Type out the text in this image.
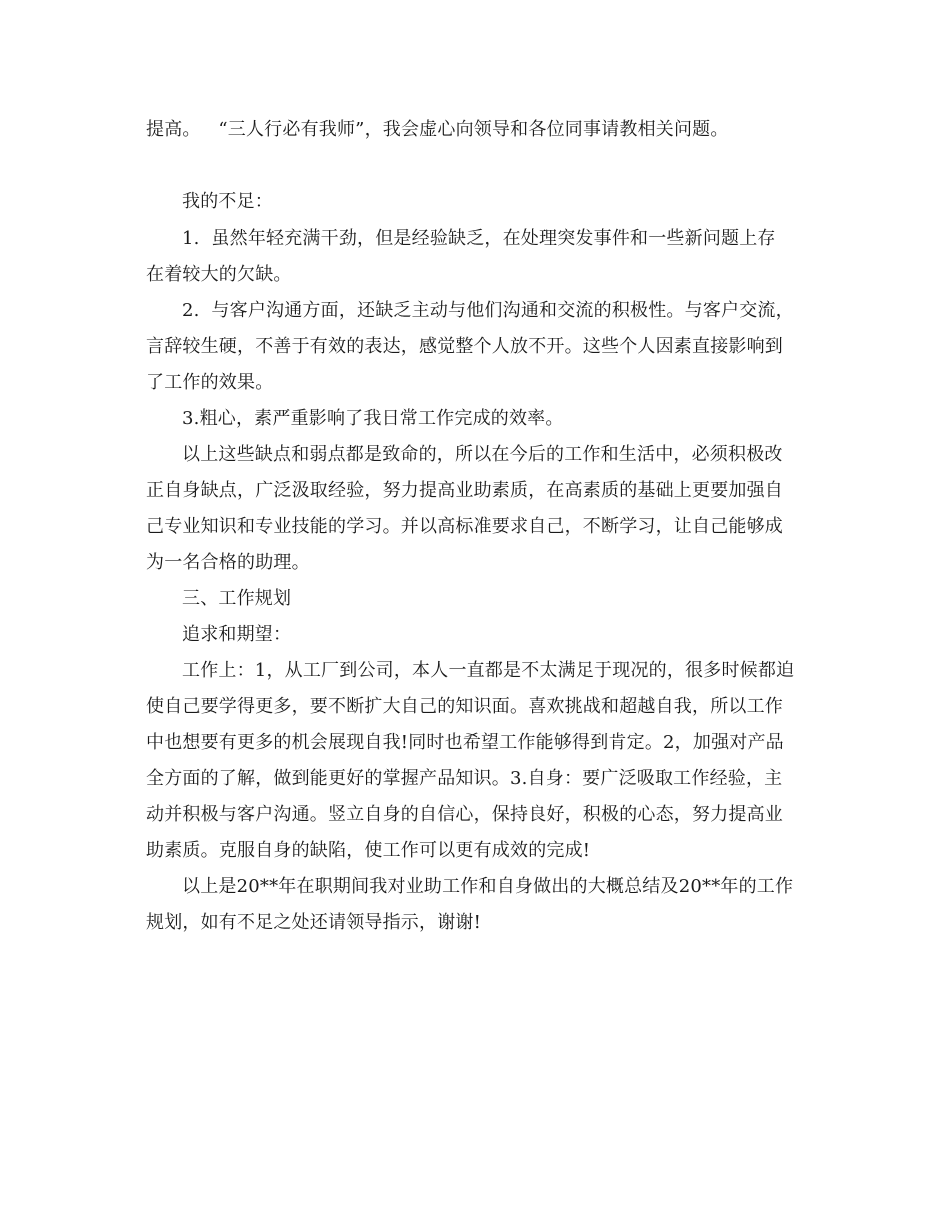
提高。   “三人行必有我师”，我会虚心向领导和各位同事请教相关问题。

我的不足：

1.  虽然年轻充满干劲，但是经验缺乏，在处理突发事件和一些新问题上存

在着较大的欠缺。

2.  与客户沟通方面，还缺乏主动与他们沟通和交流的积极性。与客户交流，

言辞较生硬，不善于有效的表达，感觉整个人放不开。这些个人因素直接影响到

了工作的效果。

3.粗心，素严重影响了我日常工作完成的效率。

以上这些缺点和弱点都是致命的，所以在今后的工作和生活中，必须积极改

正自身缺点，广泛汲取经验，努力提高业助素质，在高素质的基础上更要加强自

己专业知识和专业技能的学习。并以高标准要求自己，不断学习，让自己能够成

为一名合格的助理。

三、工作规划

追求和期望：

工作上：1，从工厂到公司，本人一直都是不太满足于现况的，很多时候都迫

使自己要学得更多，要不断扩大自己的知识面。喜欢挑战和超越自我，所以工作

中也想要有更多的机会展现自我!同时也希望工作能够得到肯定。2，加强对产品

全方面的了解，做到能更好的掌握产品知识。3.自身：要广泛吸取工作经验，主

动并积极与客户沟通。竖立自身的自信心，保持良好，积极的心态，努力提高业

助素质。克服自身的缺陷，使工作可以更有成效的完成!

以上是20**年在职期间我对业助工作和自身做出的大概总结及20**年的工作

规划，如有不足之处还请领导指示，谢谢!
